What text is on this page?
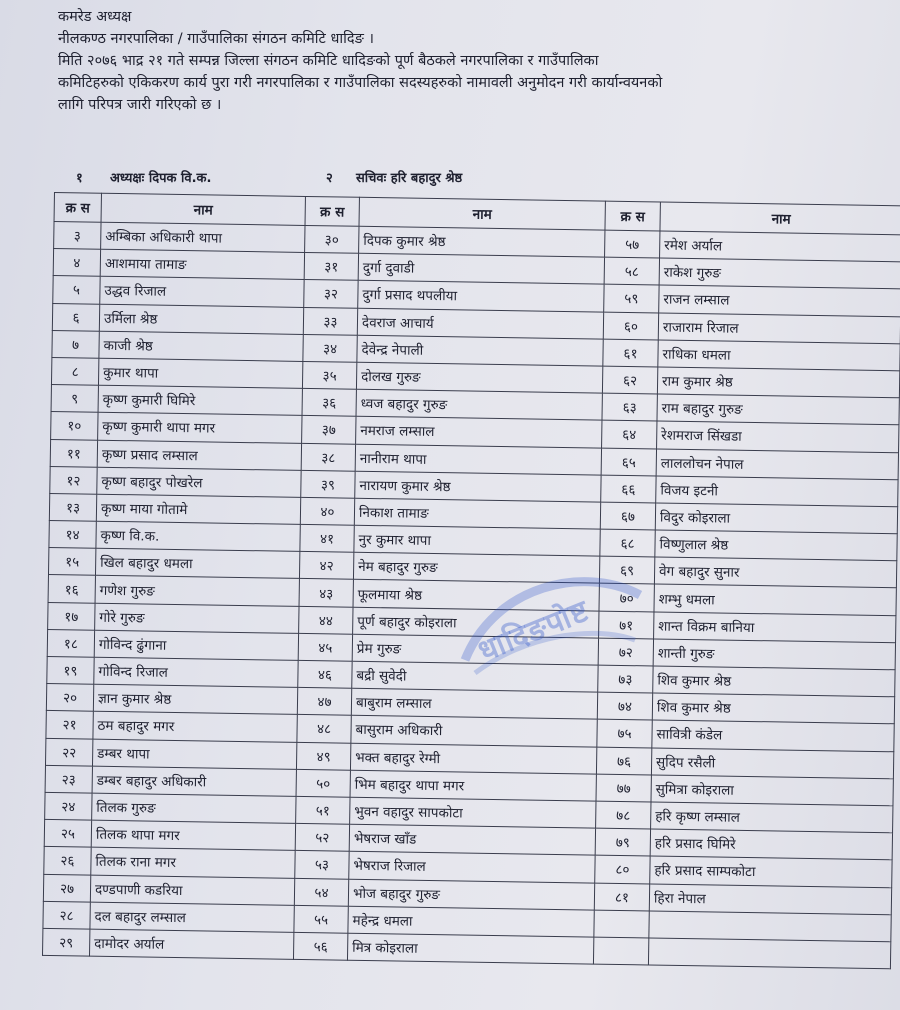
कमरेड अध्यक्ष

नीलकण्ठ नगरपालिका / गाउँपालिका संगठन कमिटि धादिङ ।

मिति २०७६ भाद्र २१ गते सम्पन्न जिल्ला संगठन कमिटि धादिङको पूर्ण बैठकले नगरपालिका र गाउँपालिका

कमिटिहरुको एकिकरण कार्य पुरा गरी नगरपालिका र गाउँपालिका सदस्यहरुको नामावली अनुमोदन गरी कार्यान्वयनको

लागि परिपत्र जारी गरिएको छ ।

१ अध्यक्षः दिपक वि.क.	२ सचिवः हरि बहादुर श्रेष्ठ
क्र स	नाम	क्र स	नाम	क्र स	नाम
३	अम्बिका अधिकारी थापा	३०	दिपक कुमार श्रेष्ठ	५७	रमेश अर्याल
४	आशमाया तामाङ	३१	दुर्गा दुवाडी	५८	राकेश गुरुङ
५	उद्धव रिजाल	३२	दुर्गा प्रसाद थपलीया	५९	राजन लम्साल
६	उर्मिला श्रेष्ठ	३३	देवराज आचार्य	६०	राजाराम रिजाल
७	काजी श्रेष्ठ	३४	देवेन्द्र नेपाली	६१	राधिका धमला
८	कुमार थापा	३५	दोलख गुरुङ	६२	राम कुमार श्रेष्ठ
९	कृष्ण कुमारी घिमिरे	३६	ध्वज बहादुर गुरुङ	६३	राम बहादुर गुरुङ
१०	कृष्ण कुमारी थापा मगर	३७	नमराज लम्साल	६४	रेशमराज सिंखडा
११	कृष्ण प्रसाद लम्साल	३८	नानीराम थापा	६५	लाललोचन नेपाल
१२	कृष्ण बहादुर पोखरेल	३९	नारायण कुमार श्रेष्ठ	६६	विजय इटनी
१३	कृष्ण माया गोतामे	४०	निकाश तामाङ	६७	विदुर कोइराला
१४	कृष्ण वि.क.	४१	नुर कुमार थापा	६८	विष्णुलाल श्रेष्ठ
१५	खिल बहादुर धमला	४२	नेम बहादुर गुरुङ	६९	वेग बहादुर सुनार
१६	गणेश गुरुङ	४३	फूलमाया श्रेष्ठ	७०	शम्भु धमला
१७	गोरे गुरुङ	४४	पूर्ण बहादुर कोइराला	७१	शान्त विक्रम बानिया
१८	गोविन्द ढुंगाना	४५	प्रेम गुरुङ	७२	शान्ती गुरुङ
१९	गोविन्द रिजाल	४६	बद्री सुवेदी	७३	शिव कुमार श्रेष्ठ
२०	ज्ञान कुमार श्रेष्ठ	४७	बाबुराम लम्साल	७४	शिव कुमार श्रेष्ठ
२१	ठम बहादुर मगर	४८	बासुराम अधिकारी	७५	सावित्री कंडेल
२२	डम्बर थापा	४९	भक्त बहादुर रेग्मी	७६	सुदिप रसैली
२३	डम्बर बहादुर अधिकारी	५०	भिम बहादुर थापा मगर	७७	सुमित्रा कोइराला
२४	तिलक गुरुङ	५१	भुवन वहादुर सापकोटा	७८	हरि कृष्ण लम्साल
२५	तिलक थापा मगर	५२	भेषराज खाँड	७९	हरि प्रसाद घिमिरे
२६	तिलक राना मगर	५३	भेषराज रिजाल	८०	हरि प्रसाद साम्पकोटा
२७	दण्डपाणी कडरिया	५४	भोज बहादुर गुरुङ	८१	हिरा नेपाल
२८	दल बहादुर लम्साल	५५	महेन्द्र धमला		
२९	दामोदर अर्याल	५६	मित्र कोइराला		
धादिङपोष्ट
